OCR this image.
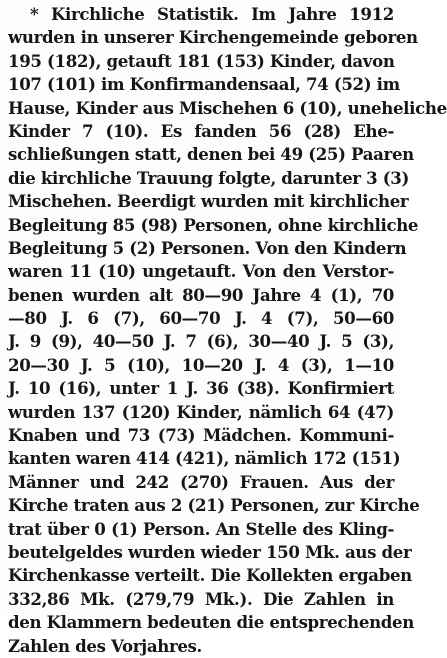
* Kirchliche Statistik. Im Jahre 1912
wurden in unserer Kirchengemeinde geboren
195 (182), getauft 181 (153) Kinder, davon
107 (101) im Konfirmandensaal, 74 (52) im
Hause, Kinder aus Mischehen 6 (10), uneheliche
Kinder 7 (10). Es fanden 56 (28) Ehe-
schließungen statt, denen bei 49 (25) Paaren
die kirchliche Trauung folgte, darunter 3 (3)
Mischehen. Beerdigt wurden mit kirchlicher
Begleitung 85 (98) Personen, ohne kirchliche
Begleitung 5 (2) Personen. Von den Kindern
waren 11 (10) ungetauft. Von den Verstor-
benen wurden alt 80—90 Jahre 4 (1), 70
—80 J. 6 (7), 60—70 J. 4 (7), 50—60
J. 9 (9), 40—50 J. 7 (6), 30—40 J. 5 (3),
20—30 J. 5 (10), 10—20 J. 4 (3), 1—10
J. 10 (16), unter 1 J. 36 (38). Konfirmiert
wurden 137 (120) Kinder, nämlich 64 (47)
Knaben und 73 (73) Mädchen. Kommuni-
kanten waren 414 (421), nämlich 172 (151)
Männer und 242 (270) Frauen. Aus der
Kirche traten aus 2 (21) Personen, zur Kirche
trat über 0 (1) Person. An Stelle des Kling-
beutelgeldes wurden wieder 150 Mk. aus der
Kirchenkasse verteilt. Die Kollekten ergaben
332,86 Mk. (279,79 Mk.). Die Zahlen in
den Klammern bedeuten die entsprechenden
Zahlen des Vorjahres.
